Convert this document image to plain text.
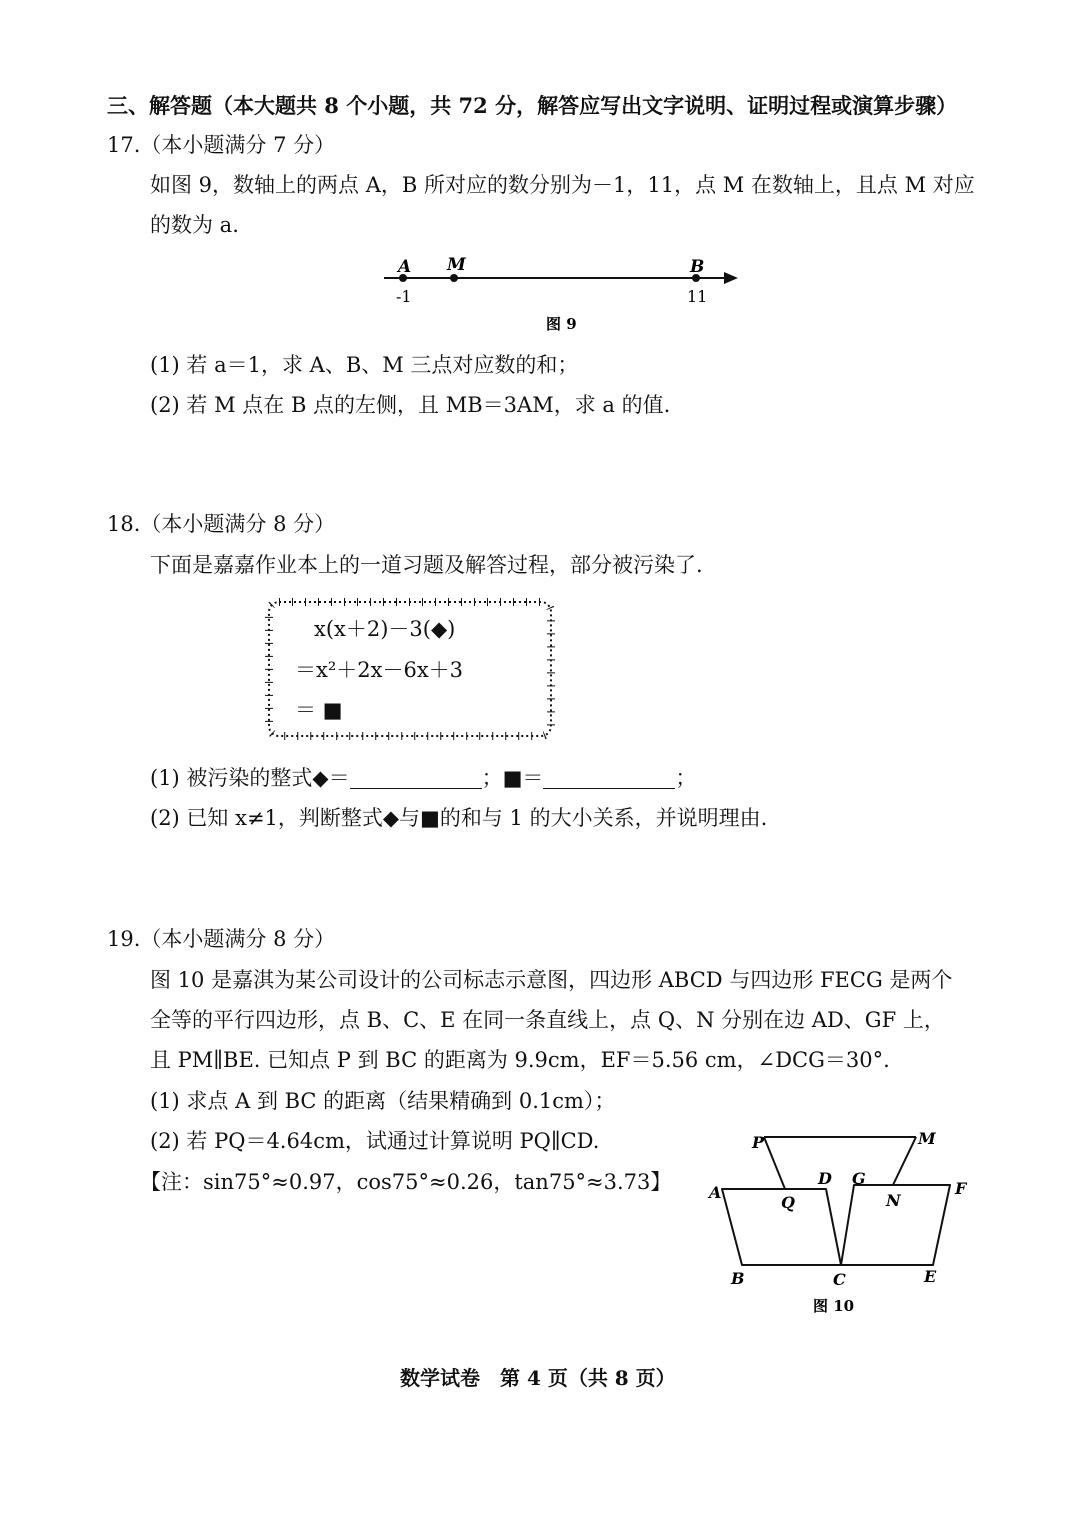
三、解答题（本大题共 8 个小题，共 72 分，解答应写出文字说明、证明过程或演算步骤）
17.（本小题满分 7 分）
如图 9，数轴上的两点 A，B 所对应的数分别为－1，11，点 M 在数轴上，且点 M 对应
的数为 a.
A M	B
-1	11
图 9
(1) 若 a＝1，求 A、B、M 三点对应数的和；
(2) 若 M 点在 B 点的左侧，且 MB＝3AM，求 a 的值.
18.（本小题满分 8 分）
下面是嘉嘉作业本上的一道习题及解答过程，部分被污染了.
x(x＋2)－3(◆)
＝x²＋2x－6x＋3
＝ ■
(1) 被污染的整式◆＝	；■＝	；
(2) 已知 x≠1，判断整式◆与■的和与 1 的大小关系，并说明理由.
19.（本小题满分 8 分）
图 10 是嘉淇为某公司设计的公司标志示意图，四边形 ABCD 与四边形 FECG 是两个
全等的平行四边形，点 B、C、E 在同一条直线上，点 Q、N 分别在边 AD、GF 上，
且 PM∥BE. 已知点 P 到 BC 的距离为 9.9cm，EF＝5.56 cm，∠DCG＝30°.
(1) 求点 A 到 BC 的距离（结果精确到 0.1cm）；
(2) 若 PQ＝4.64cm，试通过计算说明 PQ∥CD.
【注：sin75°≈0.97，cos75°≈0.26，tan75°≈3.73】
P	M
A
Q
D G
N
F
B	C	E
图 10
数学试卷　第 4 页（共 8 页）
